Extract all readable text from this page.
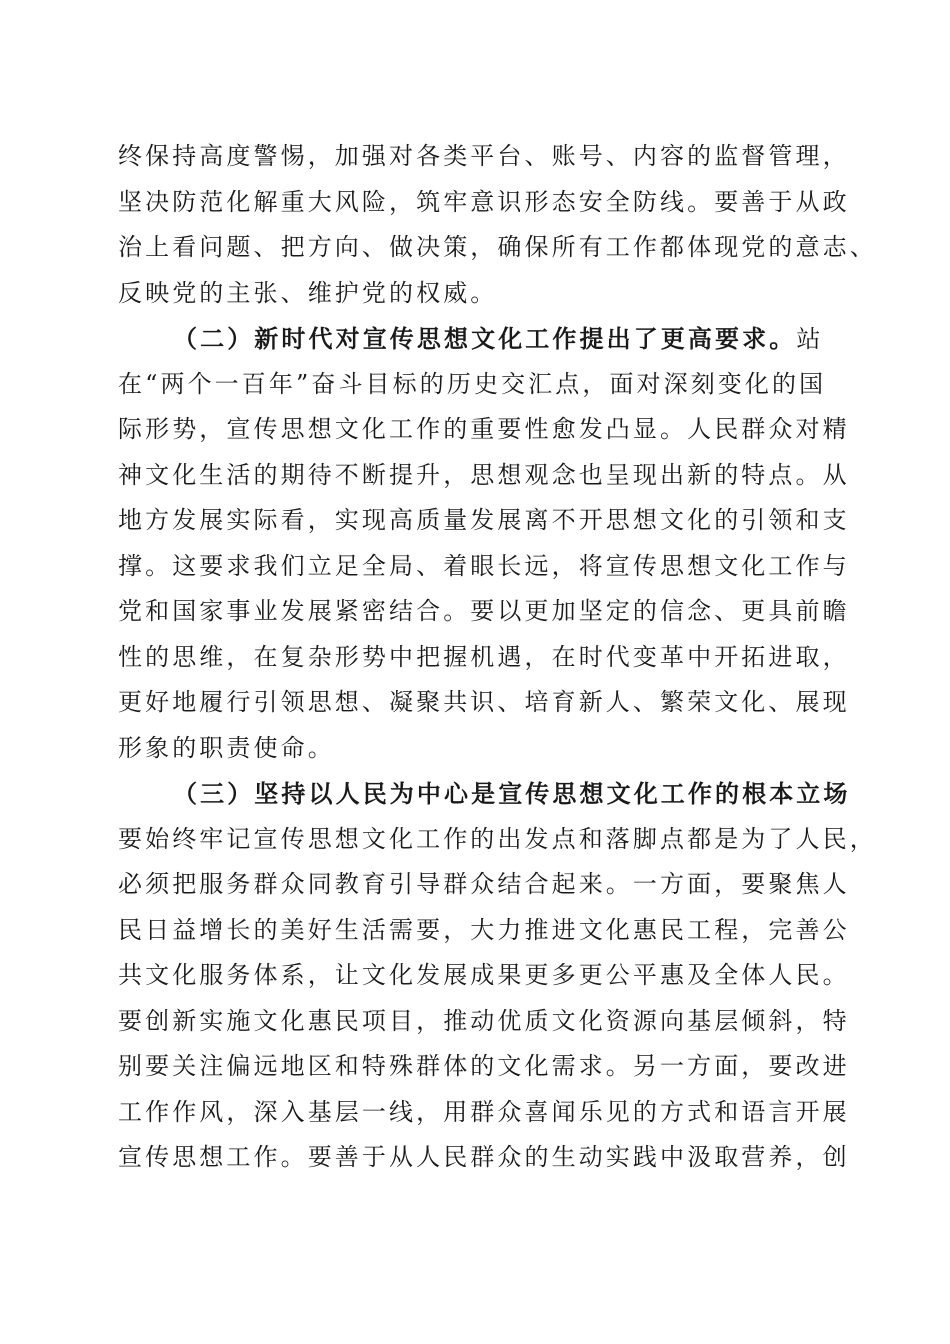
终保持高度警惕，加强对各类平台、账号、内容的监督管理，
坚决防范化解重大风险，筑牢意识形态安全防线。要善于从政
治上看问题、把方向、做决策，确保所有工作都体现党的意志、
反映党的主张、维护党的权威。
（二）新时代对宣传思想文化工作提出了更高要求。站
在“两个一百年”奋斗目标的历史交汇点，面对深刻变化的国
际形势，宣传思想文化工作的重要性愈发凸显。人民群众对精
神文化生活的期待不断提升，思想观念也呈现出新的特点。从
地方发展实际看，实现高质量发展离不开思想文化的引领和支
撑。这要求我们立足全局、着眼长远，将宣传思想文化工作与
党和国家事业发展紧密结合。要以更加坚定的信念、更具前瞻
性的思维，在复杂形势中把握机遇，在时代变革中开拓进取，
更好地履行引领思想、凝聚共识、培育新人、繁荣文化、展现
形象的职责使命。
（三）坚持以人民为中心是宣传思想文化工作的根本立场
要始终牢记宣传思想文化工作的出发点和落脚点都是为了人民，
必须把服务群众同教育引导群众结合起来。一方面，要聚焦人
民日益增长的美好生活需要，大力推进文化惠民工程，完善公
共文化服务体系，让文化发展成果更多更公平惠及全体人民。
要创新实施文化惠民项目，推动优质文化资源向基层倾斜，特
别要关注偏远地区和特殊群体的文化需求。另一方面，要改进
工作作风，深入基层一线，用群众喜闻乐见的方式和语言开展
宣传思想工作。要善于从人民群众的生动实践中汲取营养，创
